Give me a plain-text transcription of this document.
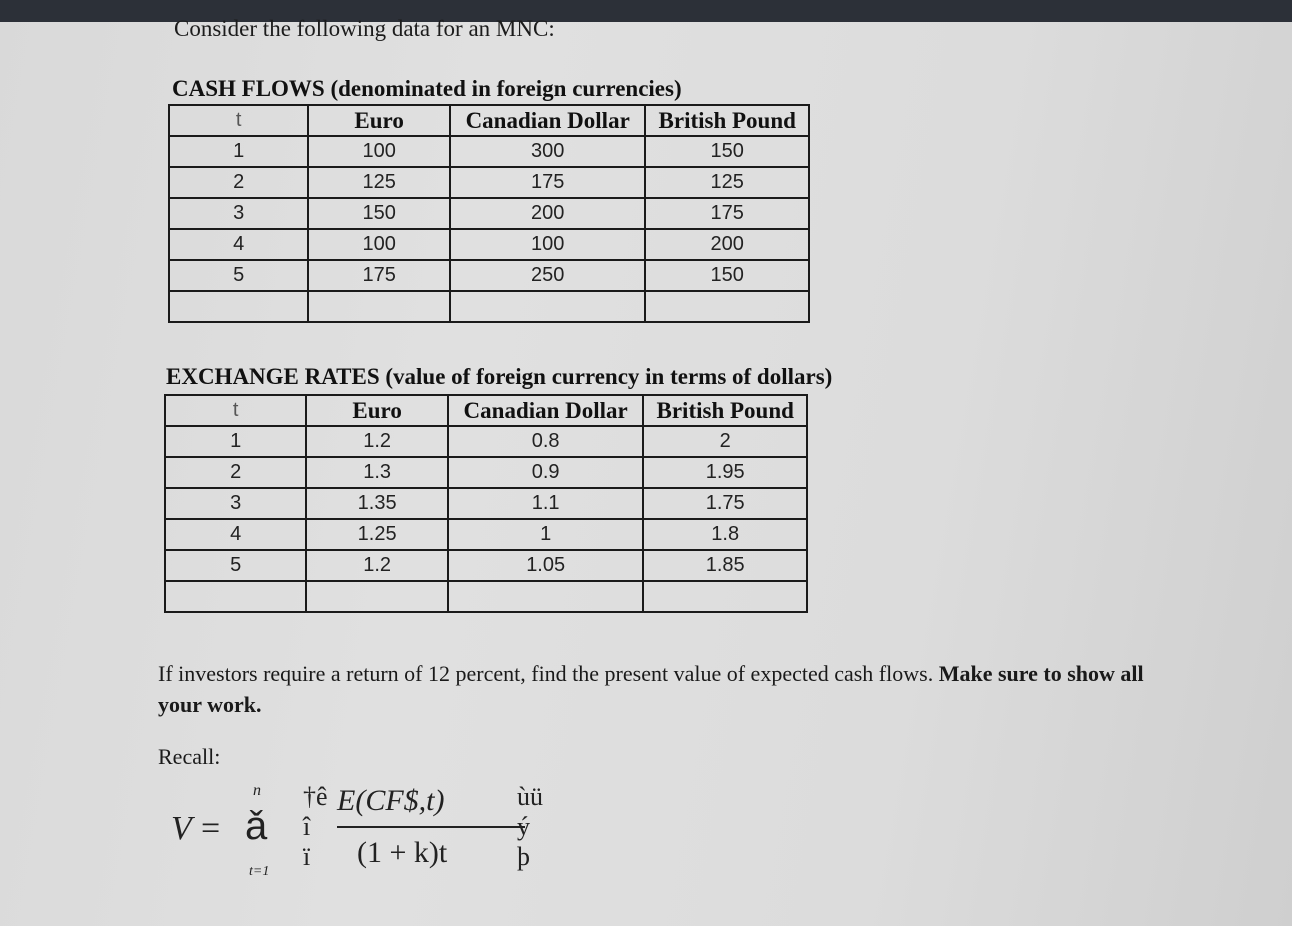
Consider the following data for an MNC:
CASH FLOWS (denominated in foreign currencies)
t	Euro	Canadian Dollar	British Pound
1	100	300	150
2	125	175	125
3	150	200	175
4	100	100	200
5	175	250	150

EXCHANGE RATES (value of foreign currency in terms of dollars)
t	Euro	Canadian Dollar	British Pound
1	1.2	0.8	2
2	1.3	0.9	1.95
3	1.35	1.1	1.75
4	1.25	1	1.8
5	1.2	1.05	1.85

If investors require a return of 12 percent, find the present value of expected cash flows. Make sure to show all your work.
Recall:
V =
n
ǎ
t=1
†ê
î
ï
E(CF$,t)
(1 + k)t
ùü
ý
þ
